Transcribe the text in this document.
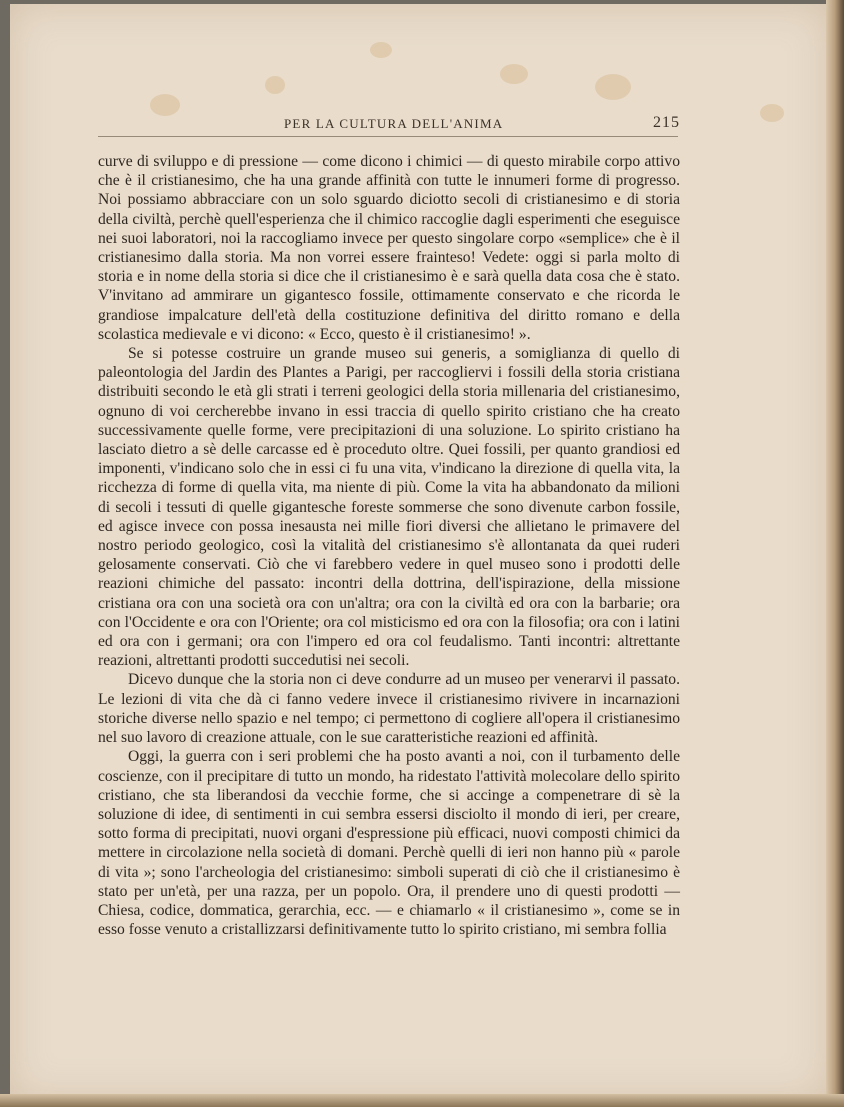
PER LA CULTURA DELL'ANIMA	215

curve di sviluppo e di pressione — come dicono i chimici — di questo mirabile corpo attivo che è il cristianesimo, che ha una grande affinità con tutte le innumeri forme di progresso. Noi possiamo abbracciare con un solo sguardo diciotto secoli di cristianesimo e di storia della civiltà, perchè quell'esperienza che il chimico raccoglie dagli esperimenti che eseguisce nei suoi laboratori, noi la raccogliamo invece per questo singolare corpo «semplice» che è il cristianesimo dalla storia. Ma non vorrei essere frainteso! Vedete: oggi si parla molto di storia e in nome della storia si dice che il cristianesimo è e sarà quella data cosa che è stato. V'invitano ad ammirare un gigantesco fossile, ottimamente conservato e che ricorda le grandiose impalcature dell'età della costituzione definitiva del diritto romano e della scolastica medievale e vi dicono: « Ecco, questo è il cristianesimo! ».

Se si potesse costruire un grande museo sui generis, a somiglianza di quello di paleontologia del Jardin des Plantes a Parigi, per raccogliervi i fossili della storia cristiana distribuiti secondo le età gli strati i terreni geologici della storia millenaria del cristianesimo, ognuno di voi cercherebbe invano in essi traccia di quello spirito cristiano che ha creato successivamente quelle forme, vere precipitazioni di una soluzione. Lo spirito cristiano ha lasciato dietro a sè delle carcasse ed è proceduto oltre. Quei fossili, per quanto grandiosi ed imponenti, v'indicano solo che in essi ci fu una vita, v'indicano la direzione di quella vita, la ricchezza di forme di quella vita, ma niente di più. Come la vita ha abbandonato da milioni di secoli i tessuti di quelle gigantesche foreste sommerse che sono divenute carbon fossile, ed agisce invece con possa inesausta nei mille fiori diversi che allietano le primavere del nostro periodo geologico, così la vitalità del cristianesimo s'è allontanata da quei ruderi gelosamente conservati. Ciò che vi farebbero vedere in quel museo sono i prodotti delle reazioni chimiche del passato: incontri della dottrina, dell'ispirazione, della missione cristiana ora con una società ora con un'altra; ora con la civiltà ed ora con la barbarie; ora con l'Occidente e ora con l'Oriente; ora col misticismo ed ora con la filosofia; ora con i latini ed ora con i germani; ora con l'impero ed ora col feudalismo. Tanti incontri: altrettante reazioni, altrettanti prodotti succedutisi nei secoli.

Dicevo dunque che la storia non ci deve condurre ad un museo per venerarvi il passato. Le lezioni di vita che dà ci fanno vedere invece il cristianesimo rivivere in incarnazioni storiche diverse nello spazio e nel tempo; ci permettono di cogliere all'opera il cristianesimo nel suo lavoro di creazione attuale, con le sue caratteristiche reazioni ed affinità.

Oggi, la guerra con i seri problemi che ha posto avanti a noi, con il turbamento delle coscienze, con il precipitare di tutto un mondo, ha ridestato l'attività molecolare dello spirito cristiano, che sta liberandosi da vecchie forme, che si accinge a compenetrare di sè la soluzione di idee, di sentimenti in cui sembra essersi disciolto il mondo di ieri, per creare, sotto forma di precipitati, nuovi organi d'espressione più efficaci, nuovi composti chimici da mettere in circolazione nella società di domani. Perchè quelli di ieri non hanno più « parole di vita »; sono l'archeologia del cristianesimo: simboli superati di ciò che il cristianesimo è stato per un'età, per una razza, per un popolo. Ora, il prendere uno di questi prodotti — Chiesa, codice, dommatica, gerarchia, ecc. — e chiamarlo « il cristianesimo », come se in esso fosse venuto a cristallizzarsi definitivamente tutto lo spirito cristiano, mi sembra follia
